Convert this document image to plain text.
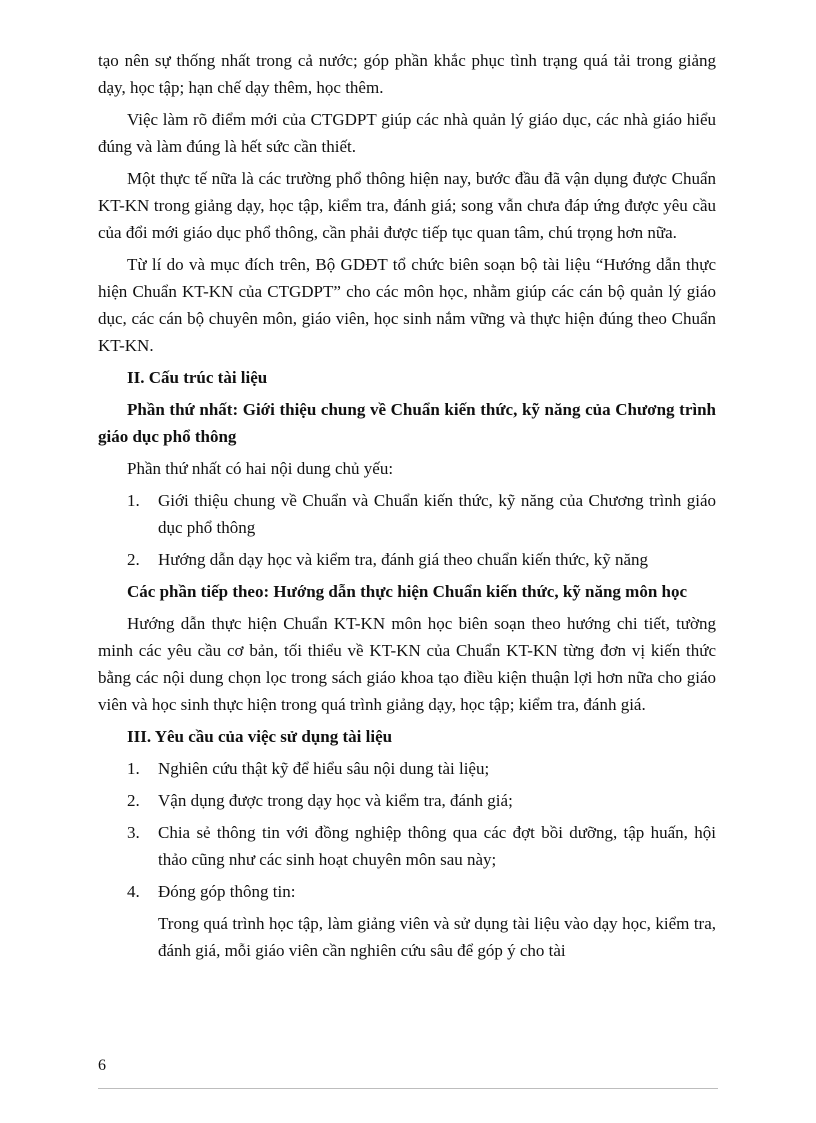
tạo nên sự thống nhất trong cả nước; góp phần khắc phục tình trạng quá tải trong giảng dạy, học tập; hạn chế dạy thêm, học thêm.

Việc làm rõ điểm mới của CTGDPT giúp các nhà quản lý giáo dục, các nhà giáo hiểu đúng và làm đúng là hết sức cần thiết.

Một thực tế nữa là các trường phổ thông hiện nay, bước đầu đã vận dụng được Chuẩn KT-KN trong giảng dạy, học tập, kiểm tra, đánh giá; song vẫn chưa đáp ứng được yêu cầu của đổi mới giáo dục phổ thông, cần phải được tiếp tục quan tâm, chú trọng hơn nữa.

Từ lí do và mục đích trên, Bộ GDĐT tổ chức biên soạn bộ tài liệu “Hướng dẫn thực hiện Chuẩn KT-KN của CTGDPT” cho các môn học, nhằm giúp các cán bộ quản lý giáo dục, các cán bộ chuyên môn, giáo viên, học sinh nắm vững và thực hiện đúng theo Chuẩn KT-KN.

II. Cấu trúc tài liệu

Phần thứ nhất: Giới thiệu chung về Chuẩn kiến thức, kỹ năng của Chương trình giáo dục phổ thông

Phần thứ nhất có hai nội dung chủ yếu:

1. Giới thiệu chung về Chuẩn và Chuẩn kiến thức, kỹ năng của Chương trình giáo dục phổ thông
2. Hướng dẫn dạy học và kiểm tra, đánh giá theo chuẩn kiến thức, kỹ năng

Các phần tiếp theo: Hướng dẫn thực hiện Chuẩn kiến thức, kỹ năng môn học

Hướng dẫn thực hiện Chuẩn KT-KN môn học biên soạn theo hướng chi tiết, tường minh các yêu cầu cơ bản, tối thiểu về KT-KN của Chuẩn KT-KN từng đơn vị kiến thức bằng các nội dung chọn lọc trong sách giáo khoa tạo điều kiện thuận lợi hơn nữa cho giáo viên và học sinh thực hiện trong quá trình giảng dạy, học tập; kiểm tra, đánh giá.

III. Yêu cầu của việc sử dụng tài liệu
1. Nghiên cứu thật kỹ để hiểu sâu nội dung tài liệu;
2. Vận dụng được trong dạy học và kiểm tra, đánh giá;
3. Chia sẻ thông tin với đồng nghiệp thông qua các đợt bồi dưỡng, tập huấn, hội thảo cũng như các sinh hoạt chuyên môn sau này;
4. Đóng góp thông tin:

Trong quá trình học tập, làm giảng viên và sử dụng tài liệu vào dạy học, kiểm tra, đánh giá, mỗi giáo viên cần nghiên cứu sâu để góp ý cho tài

6
